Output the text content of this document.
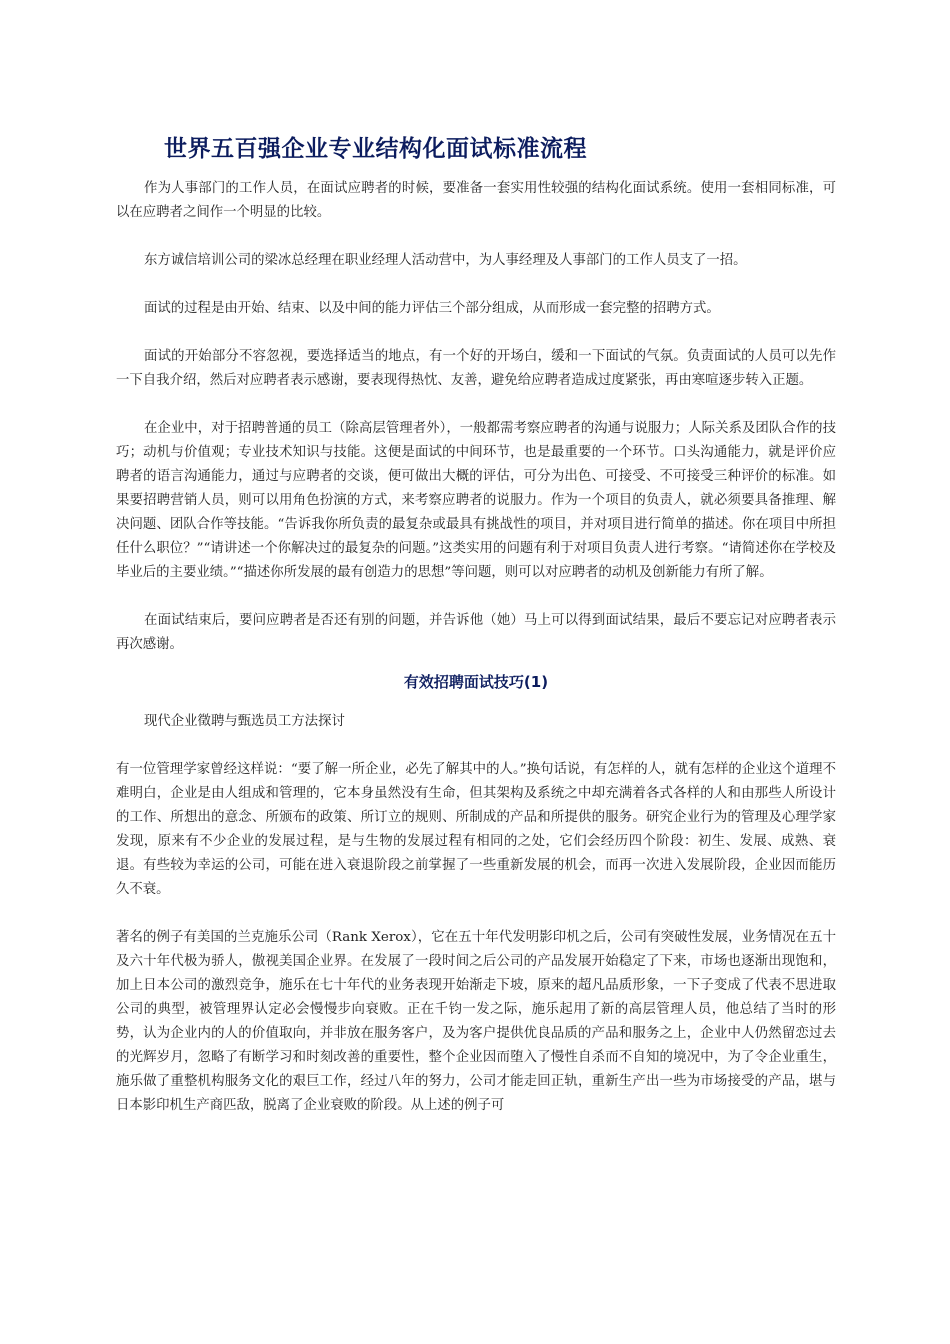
世界五百强企业专业结构化面试标准流程

作为人事部门的工作人员，在面试应聘者的时候，要准备一套实用性较强的结构化面试系统。使用一套相同标准，可以在应聘者之间作一个明显的比较。

东方诚信培训公司的梁冰总经理在职业经理人活动营中，为人事经理及人事部门的工作人员支了一招。

面试的过程是由开始、结束、以及中间的能力评估三个部分组成，从而形成一套完整的招聘方式。

面试的开始部分不容忽视，要选择适当的地点，有一个好的开场白，缓和一下面试的气氛。负责面试的人员可以先作一下自我介绍，然后对应聘者表示感谢，要表现得热忱、友善，避免给应聘者造成过度紧张，再由寒喧逐步转入正题。

在企业中，对于招聘普通的员工（除高层管理者外），一般都需考察应聘者的沟通与说服力；人际关系及团队合作的技巧；动机与价值观；专业技术知识与技能。这便是面试的中间环节，也是最重要的一个环节。口头沟通能力，就是评价应聘者的语言沟通能力，通过与应聘者的交谈，便可做出大概的评估，可分为出色、可接受、不可接受三种评价的标准。如果要招聘营销人员，则可以用角色扮演的方式，来考察应聘者的说服力。作为一个项目的负责人，就必须要具备推理、解决问题、团队合作等技能。“告诉我你所负责的最复杂或最具有挑战性的项目，并对项目进行简单的描述。你在项目中所担任什么职位？”“请讲述一个你解决过的最复杂的问题。”这类实用的问题有利于对项目负责人进行考察。“请简述你在学校及毕业后的主要业绩。”“描述你所发展的最有创造力的思想”等问题，则可以对应聘者的动机及创新能力有所了解。

在面试结束后，要问应聘者是否还有别的问题，并告诉他（她）马上可以得到面试结果，最后不要忘记对应聘者表示再次感谢。

有效招聘面试技巧(1)

现代企业徵聘与甄选员工方法探讨

有一位管理学家曾经这样说：“要了解一所企业，必先了解其中的人。”换句话说，有怎样的人，就有怎样的企业这个道理不难明白，企业是由人组成和管理的，它本身虽然没有生命，但其架构及系统之中却充满着各式各样的人和由那些人所设计的工作、所想出的意念、所颁布的政策、所订立的规则、所制成的产品和所提供的服务。研究企业行为的管理及心理学家发现，原来有不少企业的发展过程，是与生物的发展过程有相同的之处，它们会经历四个阶段：初生、发展、成熟、衰退。有些较为幸运的公司，可能在进入衰退阶段之前掌握了一些重新发展的机会，而再一次进入发展阶段，企业因而能历久不衰。

著名的例子有美国的兰克施乐公司（Rank Xerox），它在五十年代发明影印机之后，公司有突破性发展，业务情况在五十及六十年代极为骄人，傲视美国企业界。在发展了一段时间之后公司的产品发展开始稳定了下来，市场也逐渐出现饱和，加上日本公司的激烈竞争，施乐在七十年代的业务表现开始渐走下坡，原来的超凡品质形象，一下子变成了代表不思进取公司的典型，被管理界认定必会慢慢步向衰败。正在千钧一发之际，施乐起用了新的高层管理人员，他总结了当时的形势，认为企业内的人的价值取向，并非放在服务客户，及为客户提供优良品质的产品和服务之上，企业中人仍然留恋过去的光辉岁月，忽略了有断学习和时刻改善的重要性，整个企业因而堕入了慢性自杀而不自知的境况中，为了令企业重生，施乐做了重整机构服务文化的艰巨工作，经过八年的努力，公司才能走回正轨，重新生产出一些为市场接受的产品，堪与日本影印机生产商匹敌，脱离了企业衰败的阶段。从上述的例子可
